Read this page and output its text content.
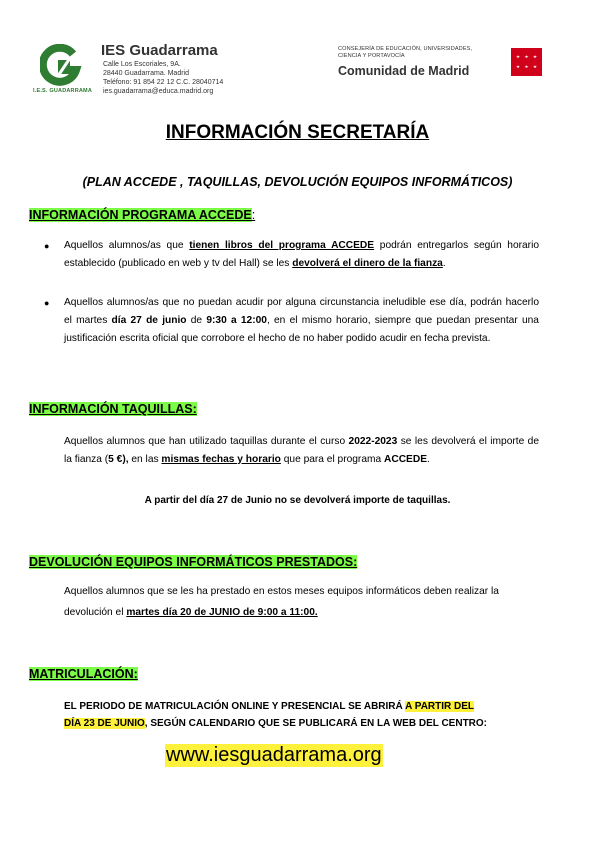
I.E.S. GUADARRAMA
IES Guadarrama
Calle Los Escoriales, 9A.
28440 Guadarrama. Madrid
Teléfono: 91 854 22 12 C.C. 28040714
ies.guadarrama@educa.madrid.org
CONSEJERÍA DE EDUCACIÓN, UNIVERSIDADES,
CIENCIA Y PORTAVOCÍA
Comunidad de Madrid
INFORMACIÓN SECRETARÍA
(PLAN ACCEDE , TAQUILLAS, DEVOLUCIÓN EQUIPOS INFORMÁTICOS)
INFORMACIÓN PROGRAMA ACCEDE:
● Aquellos alumnos/as que tienen libros del programa ACCEDE podrán entregarlos según horario establecido (publicado en web y tv del Hall) se les devolverá el dinero de la fianza.
● Aquellos alumnos/as que no puedan acudir por alguna circunstancia ineludible ese día, podrán hacerlo el martes día 27 de junio de 9:30 a 12:00, en el mismo horario, siempre que puedan presentar una justificación escrita oficial que corrobore el hecho de no haber podido acudir en fecha prevista.
INFORMACIÓN TAQUILLAS:
Aquellos alumnos que han utilizado taquillas durante el curso 2022-2023 se les devolverá el importe de la fianza (5 €), en las mismas fechas y horario que para el programa ACCEDE.
A partir del día 27 de Junio no se devolverá importe de taquillas.
DEVOLUCIÓN EQUIPOS INFORMÁTICOS PRESTADOS:
Aquellos alumnos que se les ha prestado en estos meses equipos informáticos deben realizar la
devolución el martes día 20 de JUNIO de 9:00 a 11:00.
MATRICULACIÓN:
EL PERIODO DE MATRICULACIÓN ONLINE Y PRESENCIAL SE ABRIRÁ A PARTIR DEL
DÍA 23 DE JUNIO, SEGÚN CALENDARIO QUE SE PUBLICARÁ EN LA WEB DEL CENTRO:
www.iesguadarrama.org
